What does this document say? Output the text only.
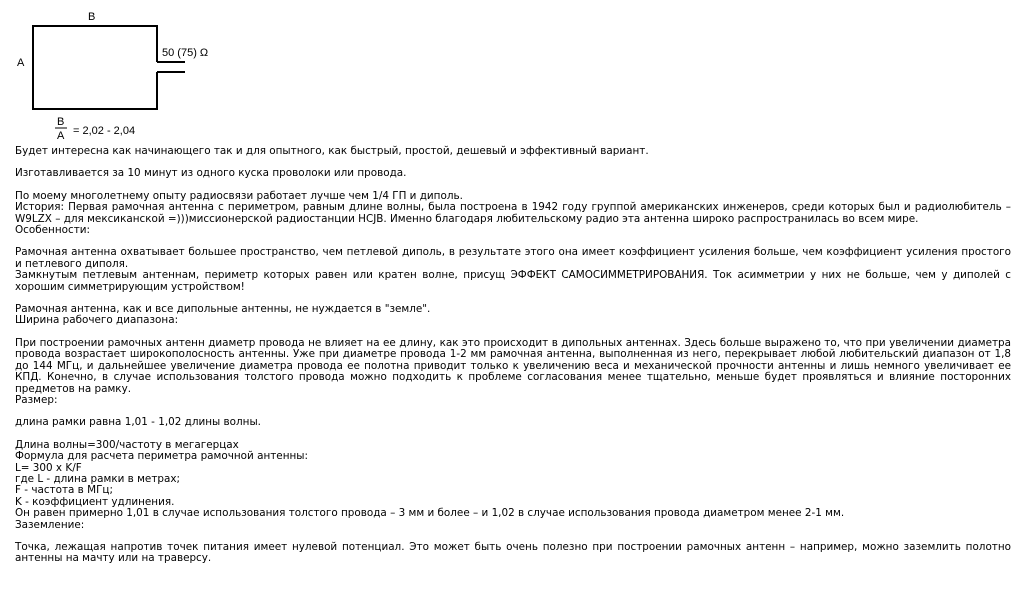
B
A
50 (75) Ω
B
A = 2,02 - 2,04

Будет интересна как начинающего так и для опытного, как быстрый, простой, дешевый и эффективный вариант.

Изготавливается за 10 минут из одного куска проволоки или провода.

По моему многолетнему опыту радиосвязи работает лучше чем 1/4 ГП и диполь.

История: Первая рамочная антенна с периметром, равным длине волны, была построена в 1942 году группой американских инженеров, среди которых был и радиолюбитель – W9LZX – для мексиканской =)))миссионерской радиостанции HCJB. Именно благодаря любительскому радио эта антенна широко распространилась во всем мире.

Особенности:

Рамочная антенна охватывает большее пространство, чем петлевой диполь, в результате этого она имеет коэффициент усиления больше, чем коэффициент усиления простого и петлевого диполя.

Замкнутым петлевым антеннам, периметр которых равен или кратен волне, присущ ЭФФЕКТ САМОСИММЕТРИРОВАНИЯ. Ток асимметрии у них не больше, чем у диполей с хорошим симметрирующим устройством!

Рамочная антенна, как и все дипольные антенны, не нуждается в "земле".

Ширина рабочего диапазона:

При построении рамочных антенн диаметр провода не влияет на ее длину, как это происходит в дипольных антеннах. Здесь больше выражено то, что при увеличении диаметра провода возрастает широкополосность антенны. Уже при диаметре провода 1-2 мм рамочная антенна, выполненная из него, перекрывает любой любительский диапазон от 1,8 до 144 МГц, и дальнейшее увеличение диаметра провода ее полотна приводит только к увеличению веса и механической прочности антенны и лишь немного увеличивает ее КПД. Конечно, в случае использования толстого провода можно подходить к проблеме согласования менее тщательно, меньше будет проявляться и влияние посторонних предметов на рамку.

Размер:

длина рамки равна 1,01 - 1,02 длины волны.

Длина волны=300/частоту в мегагерцах

Формула для расчета периметра рамочной антенны:

L= 300 x K/F

где L - длина рамки в метрах;

F - частота в МГц;

K - коэффициент удлинения.

Он равен примерно 1,01 в случае использования толстого провода – 3 мм и более – и 1,02 в случае использования провода диаметром менее 2-1 мм.

Заземление:

Точка, лежащая напротив точек питания имеет нулевой потенциал. Это может быть очень полезно при построении рамочных антенн – например, можно заземлить полотно антенны на мачту или на траверсу.
